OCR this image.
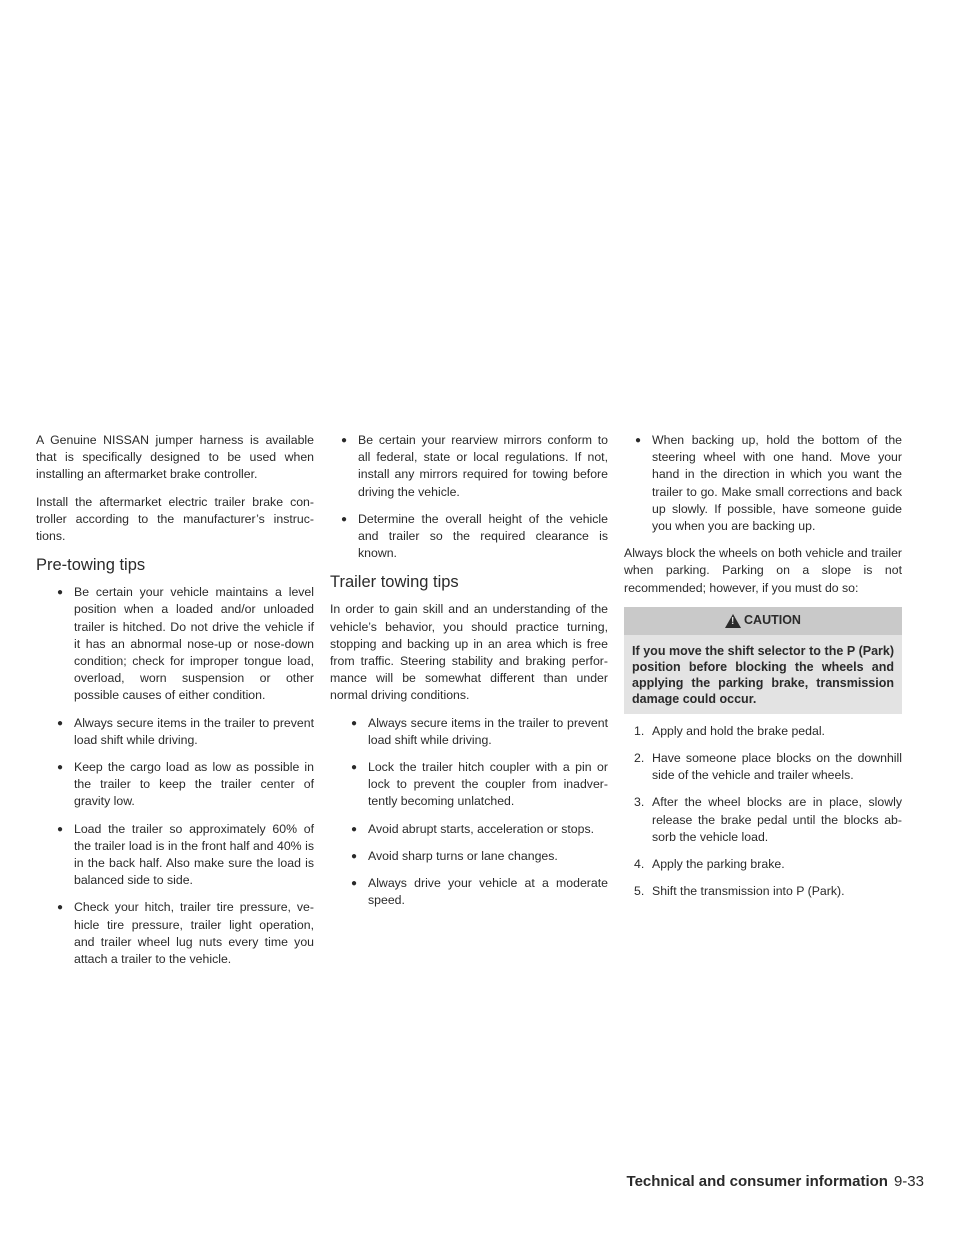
A Genuine NISSAN jumper harness is available that is specifically designed to be used when installing an aftermarket brake controller.

Install the aftermarket electric trailer brake con- troller according to the manufacturer’s instruc- tions.

Pre-towing tips
● Be certain your vehicle maintains a level position when a loaded and/or unloaded trailer is hitched. Do not drive the vehicle if it has an abnormal nose-up or nose-down condition; check for improper tongue load, overload, worn suspension or other possible causes of either condition.
● Always secure items in the trailer to prevent load shift while driving.
● Keep the cargo load as low as possible in the trailer to keep the trailer center of gravity low.
● Load the trailer so approximately 60% of the trailer load is in the front half and 40% is in the back half. Also make sure the load is balanced side to side.
● Check your hitch, trailer tire pressure, ve- hicle tire pressure, trailer light operation, and trailer wheel lug nuts every time you attach a trailer to the vehicle.
● Be certain your rearview mirrors conform to all federal, state or local regulations. If not, install any mirrors required for towing before driving the vehicle.
● Determine the overall height of the vehicle and trailer so the required clearance is known.
Trailer towing tips

In order to gain skill and an understanding of the vehicle’s behavior, you should practice turning, stopping and backing up in an area which is free from traffic. Steering stability and braking perfor- mance will be somewhat different than under normal driving conditions.

● Always secure items in the trailer to prevent load shift while driving.
● Lock the trailer hitch coupler with a pin or lock to prevent the coupler from inadver- tently becoming unlatched.
● Avoid abrupt starts, acceleration or stops.
● Avoid sharp turns or lane changes.
● Always drive your vehicle at a moderate speed.
● When backing up, hold the bottom of the steering wheel with one hand. Move your hand in the direction in which you want the trailer to go. Make small corrections and back up slowly. If possible, have someone guide you when you are backing up.

Always block the wheels on both vehicle and trailer when parking. Parking on a slope is not recommended; however, if you must do so:

! CAUTION
If you move the shift selector to the P (Park) position before blocking the wheels and applying the parking brake, transmission damage could occur.
1. Apply and hold the brake pedal.
2. Have someone place blocks on the downhill side of the vehicle and trailer wheels.
3. After the wheel blocks are in place, slowly release the brake pedal until the blocks ab- sorb the vehicle load.
4. Apply the parking brake.
5. Shift the transmission into P (Park).
Technical and consumer information 9-33
